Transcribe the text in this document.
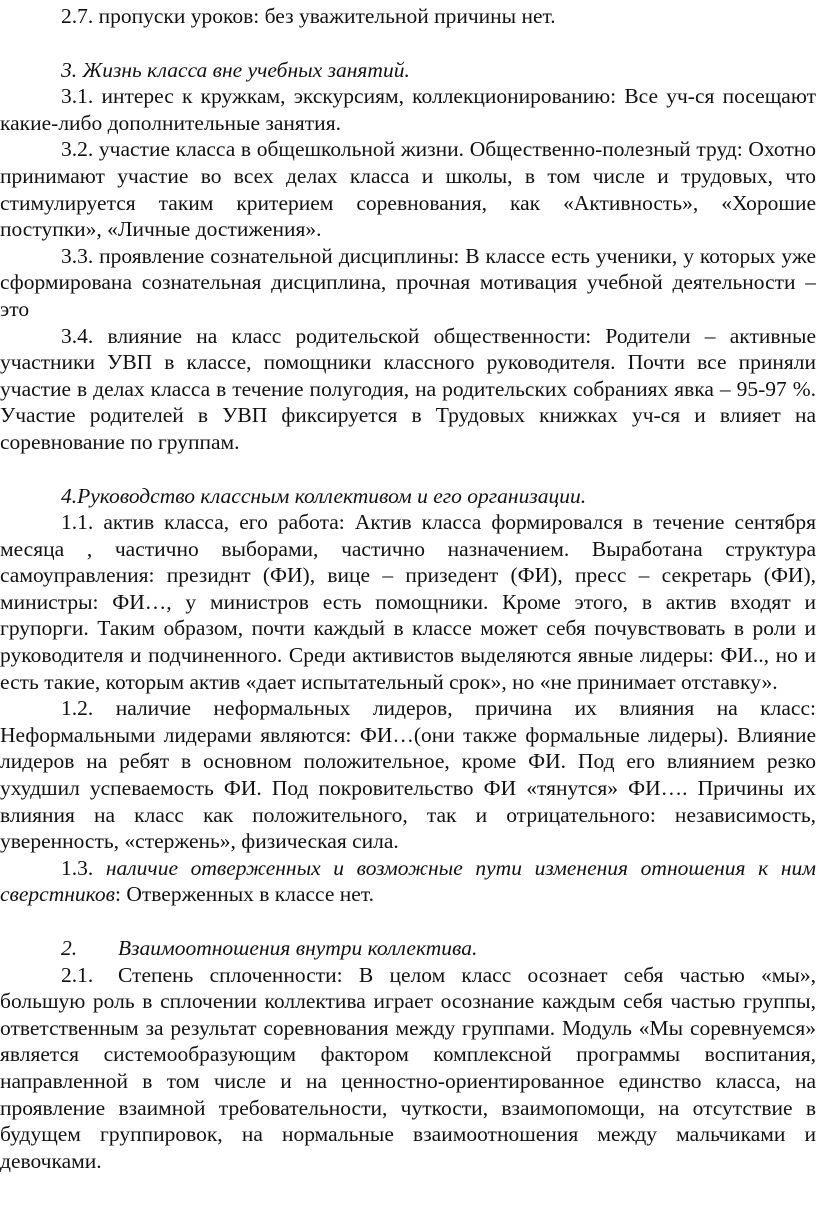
2.7. пропуски уроков: без уважительной причины нет.

3. Жизнь класса вне учебных занятий.

3.1. интерес к кружкам, экскурсиям, коллекционированию: Все уч-ся посещают какие-либо дополнительные занятия.

3.2. участие класса в общешкольной жизни. Общественно-полезный труд: Охотно принимают участие во всех делах класса и школы, в том числе и трудовых, что стимулируется таким критерием соревнования, как «Активность», «Хорошие поступки», «Личные достижения».

3.3. проявление сознательной дисциплины: В классе есть ученики, у которых уже сформирована сознательная дисциплина, прочная мотивация учебной деятельности – это

3.4. влияние на класс родительской общественности: Родители – активные участники УВП в классе, помощники классного руководителя. Почти все приняли участие в делах класса в течение полугодия, на родительских собраниях явка – 95-97 %. Участие родителей в УВП фиксируется в Трудовых книжках уч-ся и влияет на соревнование по группам.

4.Руководство классным коллективом и его организации.

1.1. актив класса, его работа: Актив класса формировался в течение сентября месяца , частично выборами, частично назначением. Выработана структура самоуправления: президнт (ФИ), вице – призедент (ФИ), пресс – секретарь (ФИ), министры: ФИ…, у министров есть помощники. Кроме этого, в актив входят и групорги. Таким образом, почти каждый в классе может себя почувствовать в роли и руководителя и подчиненного. Среди активистов выделяются явные лидеры: ФИ.., но и есть такие, которым актив «дает испытательный срок», но «не принимает отставку».

1.2. наличие неформальных лидеров, причина их влияния на класс: Неформальными лидерами являются: ФИ…(они также формальные лидеры). Влияние лидеров на ребят в основном положительное, кроме ФИ. Под его влиянием резко ухудшил успеваемость ФИ. Под покровительство ФИ «тянутся» ФИ…. Причины их влияния на класс как положительного, так и отрицательного: независимость, уверенность, «стержень», физическая сила.

1.3. наличие отверженных и возможные пути изменения отношения к ним сверстников: Отверженных в классе нет.

2. Взаимоотношения внутри коллектива.

2.1. Степень сплоченности: В целом класс осознает себя частью «мы», большую роль в сплочении коллектива играет осознание каждым себя частью группы, ответственным за результат соревнования между группами. Модуль «Мы соревнуемся» является системообразующим фактором комплексной программы воспитания, направленной в том числе и на ценностно-ориентированное единство класса, на проявление взаимной требовательности, чуткости, взаимопомощи, на отсутствие в будущем группировок, на нормальные взаимоотношения между мальчиками и девочками.
